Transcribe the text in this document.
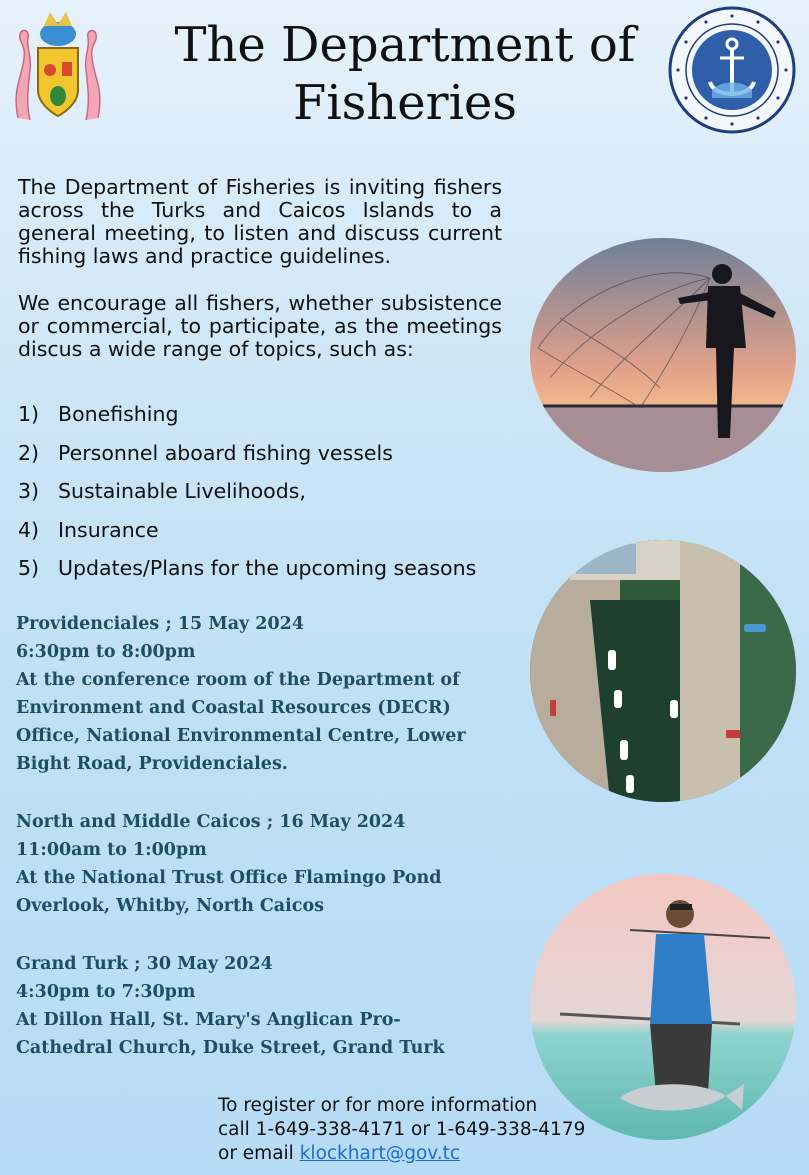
The Department of
Fisheries
The Department of Fisheries is inviting fishers across the Turks and Caicos Islands to a general meeting, to listen and discuss current fishing laws and practice guidelines.
We encourage all fishers, whether subsistence or commercial, to participate, as the meetings discus a wide range of topics, such as:
1) Bonefishing
2) Personnel aboard fishing vessels
3) Sustainable Livelihoods,
4) Insurance
5) Updates/Plans for the upcoming seasons
Providenciales ; 15 May 2024
6:30pm to 8:00pm
At the conference room of the Department of
Environment and Coastal Resources (DECR)
Office, National Environmental Centre, Lower
Bight Road, Providenciales.
North and Middle Caicos ; 16 May 2024
11:00am to 1:00pm
At the National Trust Office Flamingo Pond
Overlook, Whitby, North Caicos
Grand Turk ; 30 May 2024
4:30pm to 7:30pm
At Dillon Hall, St. Mary's Anglican Pro-
Cathedral Church, Duke Street, Grand Turk
To register or for more information
call 1-649-338-4171 or 1-649-338-4179
or email klockhart@gov.tc
